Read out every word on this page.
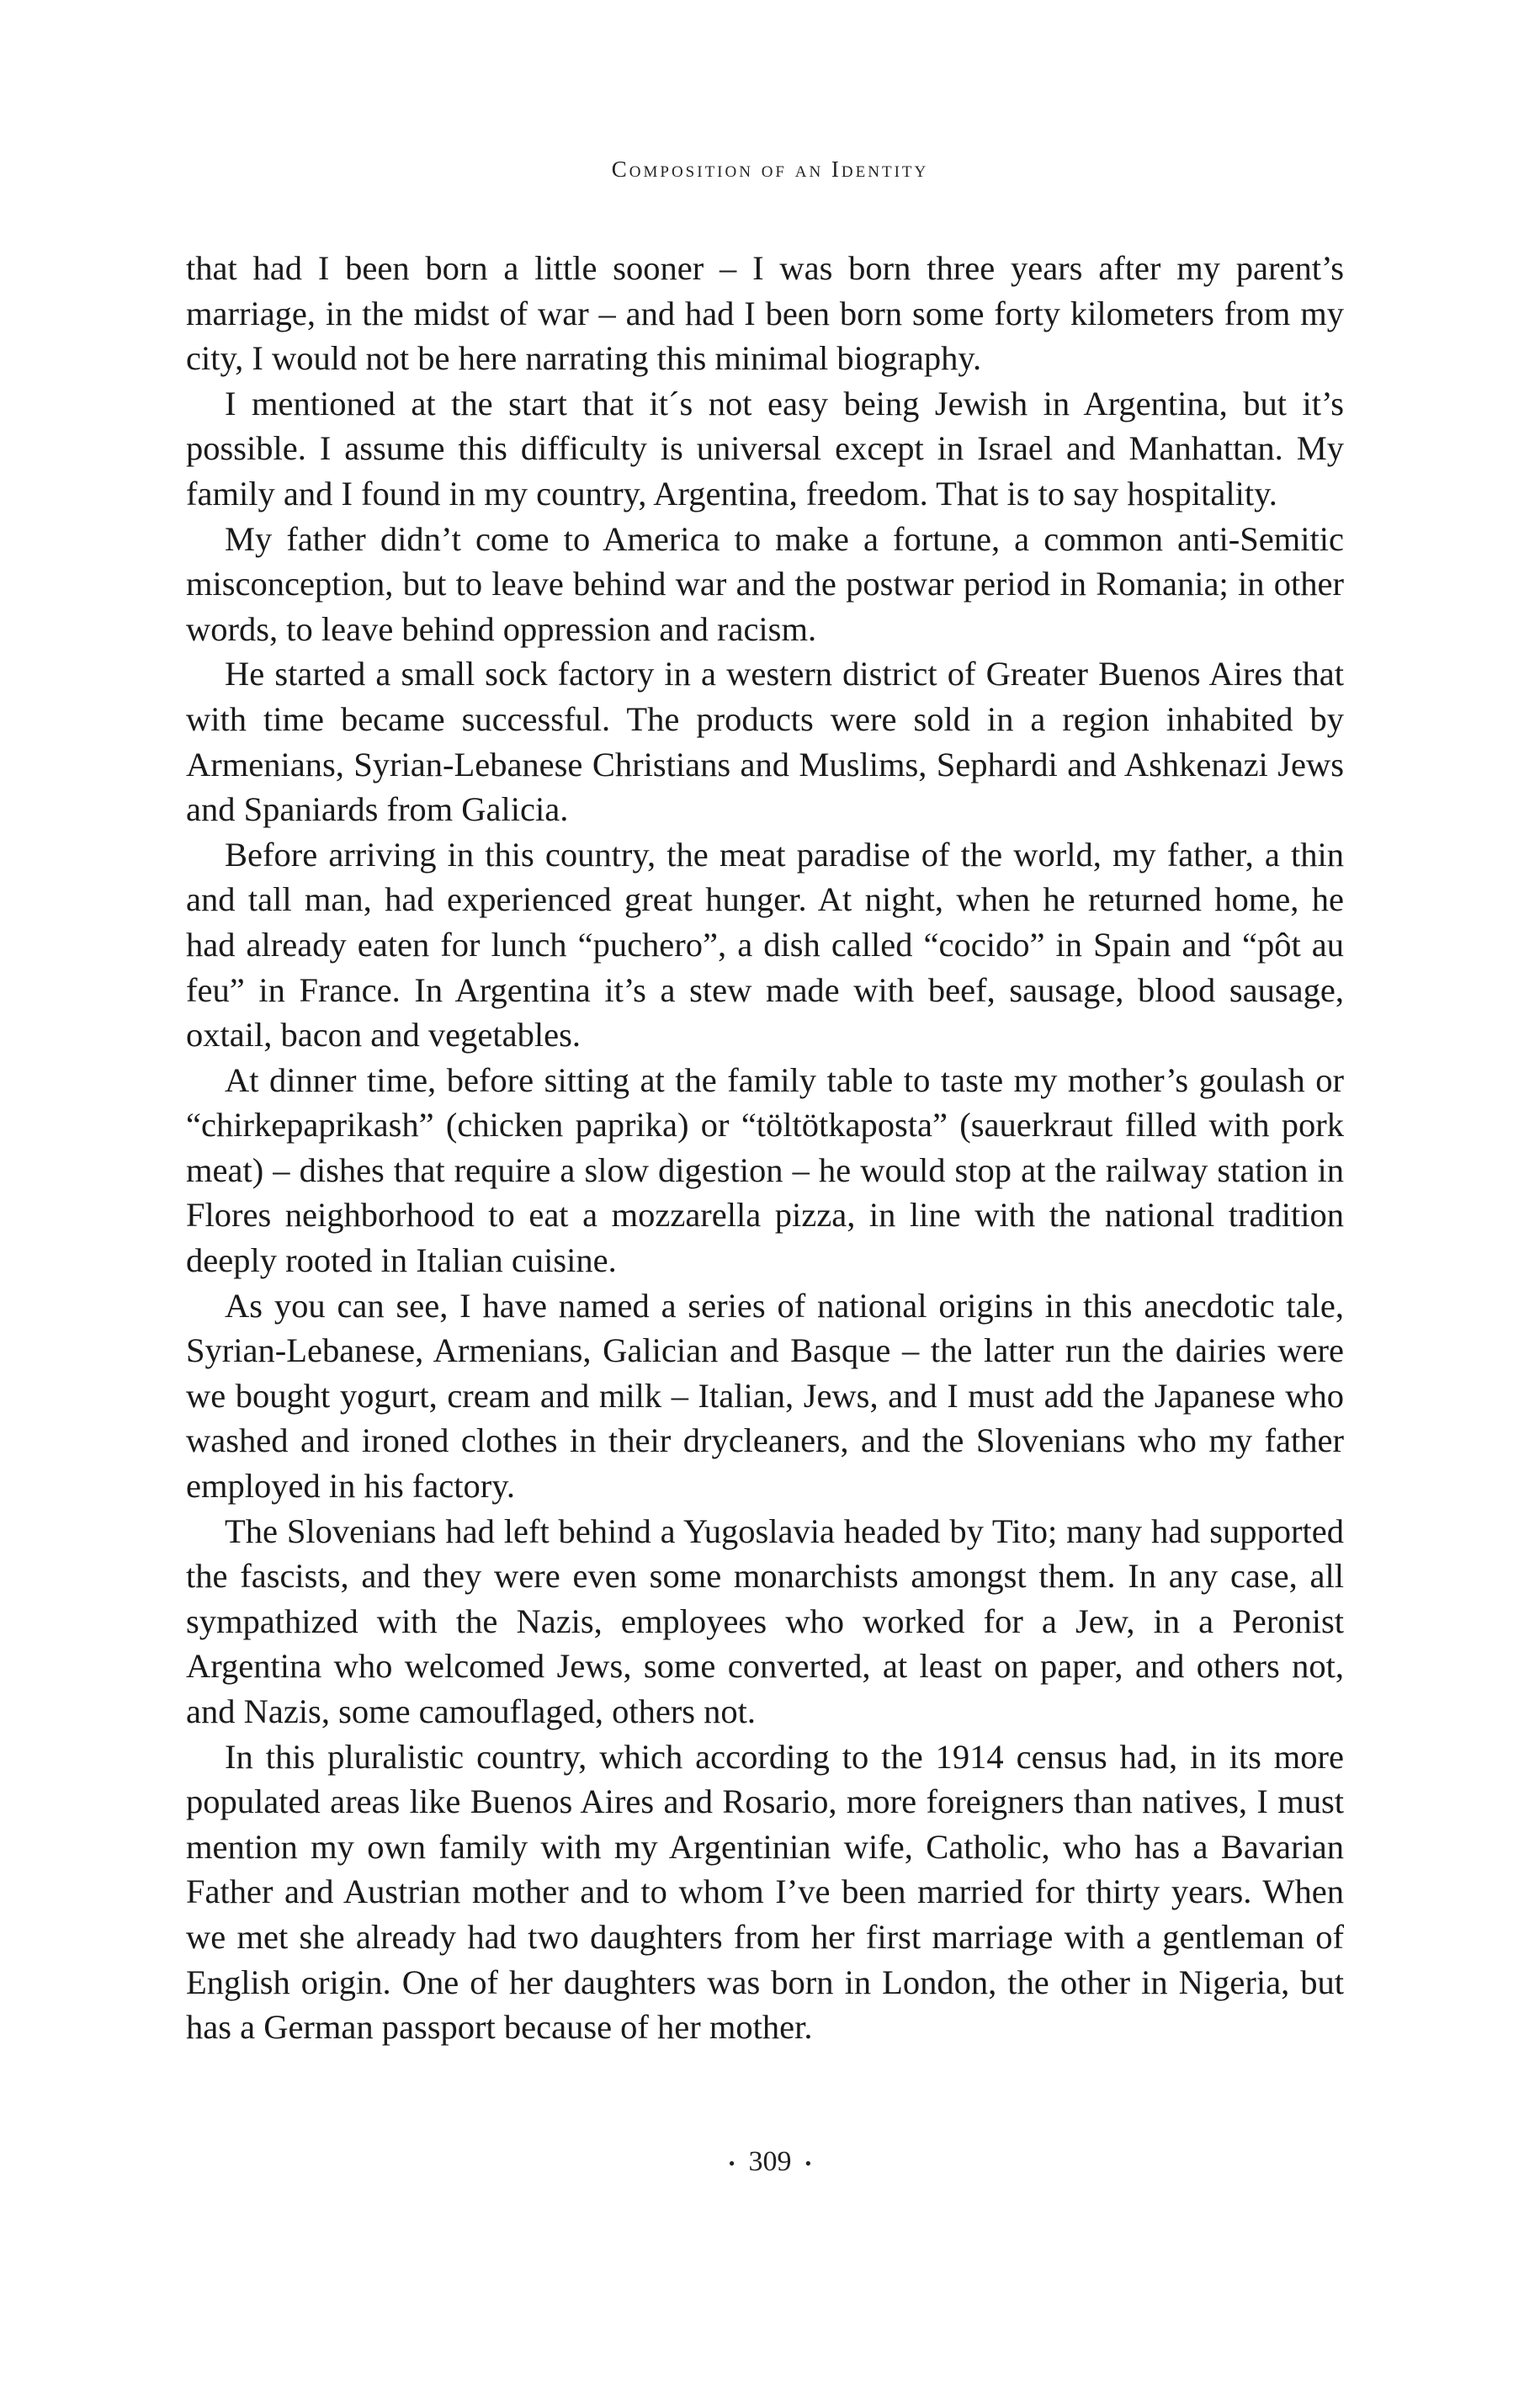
Composition of an Identity

that had I been born a little sooner – I was born three years after my parent’s marriage, in the midst of war – and had I been born some forty kilometers from my city, I would not be here narrating this minimal biography.

I mentioned at the start that it´s not easy being Jewish in Argentina, but it’s possible. I assume this difficulty is universal except in Israel and Manhattan. My family and I found in my country, Argentina, freedom. That is to say hospitality.

My father didn’t come to America to make a fortune, a common anti-Semitic misconception, but to leave behind war and the postwar period in Romania; in other words, to leave behind oppression and racism.

He started a small sock factory in a western district of Greater Buenos Aires that with time became successful. The products were sold in a region inhabited by Armenians, Syrian-Lebanese Christians and Muslims, Sephardi and Ashkenazi Jews and Spaniards from Galicia.

Before arriving in this country, the meat paradise of the world, my father, a thin and tall man, had experienced great hunger. At night, when he returned home, he had already eaten for lunch “puchero”, a dish called “cocido” in Spain and “pôt au feu” in France. In Argentina it’s a stew made with beef, sausage, blood sausage, oxtail, bacon and vegetables.

At dinner time, before sitting at the family table to taste my mother’s goulash or “chirkepaprikash” (chicken paprika) or “töltötkaposta” (sauerkraut filled with pork meat) – dishes that require a slow digestion – he would stop at the railway station in Flores neighborhood to eat a mozzarella pizza, in line with the national tradition deeply rooted in Italian cuisine.

As you can see, I have named a series of national origins in this anecdotic tale, Syrian-Lebanese, Armenians, Galician and Basque – the latter run the dairies were we bought yogurt, cream and milk – Italian, Jews, and I must add the Japanese who washed and ironed clothes in their drycleaners, and the Slovenians who my father employed in his factory.

The Slovenians had left behind a Yugoslavia headed by Tito; many had supported the fascists, and they were even some monarchists amongst them. In any case, all sympathized with the Nazis, employees who worked for a Jew, in a Peronist Argentina who welcomed Jews, some converted, at least on paper, and others not, and Nazis, some camouflaged, others not.

In this pluralistic country, which according to the 1914 census had, in its more populated areas like Buenos Aires and Rosario, more foreigners than natives, I must mention my own family with my Argentinian wife, Catholic, who has a Bavarian Father and Austrian mother and to whom I’ve been married for thirty years. When we met she already had two daughters from her first marriage with a gentleman of English origin. One of her daughters was born in London, the other in Nigeria, but has a German passport because of her mother.

• 309 •
